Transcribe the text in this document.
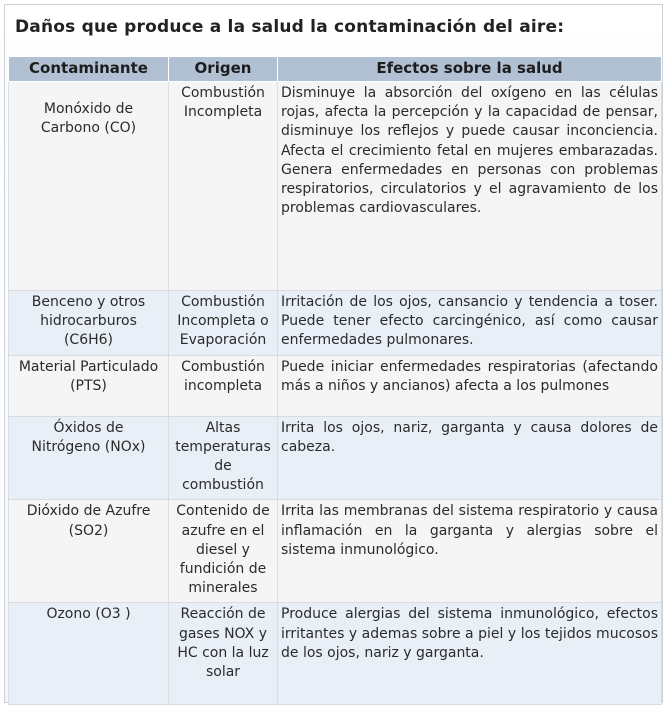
Daños que produce a la salud la contaminación del aire:
Contaminante	Origen	Efectos sobre la salud
Monóxido de Carbono (CO)	Combustión Incompleta	Disminuye la absorción del oxígeno en las células rojas, afecta la percepción y la capacidad de pensar, disminuye los reflejos y puede causar inconciencia. Afecta el crecimiento fetal en mujeres embarazadas. Genera enfermedades en personas con problemas respiratorios, circulatorios y el agravamiento de los problemas cardiovasculares.
Benceno y otros hidrocarburos (C6H6)	Combustión Incompleta o Evaporación	Irritación de los ojos, cansancio y tendencia a toser. Puede tener efecto carcingénico, así como causar enfermedades pulmonares.
Material Particulado (PTS)	Combustión incompleta	Puede iniciar enfermedades respiratorias (afectando más a niños y ancianos) afecta a los pulmones
Óxidos de Nitrógeno (NOx)	Altas temperaturas de combustión	Irrita los ojos, nariz, garganta y causa dolores de cabeza.
Dióxido de Azufre (SO2)	Contenido de azufre en el diesel y fundición de minerales	Irrita las membranas del sistema respiratorio y causa inflamación en la garganta y alergias sobre el sistema inmunológico.
Ozono (O3 )	Reacción de gases NOX y HC con la luz solar	Produce alergias del sistema inmunológico, efectos irritantes y ademas sobre a piel y los tejidos mucosos de los ojos, nariz y garganta.
